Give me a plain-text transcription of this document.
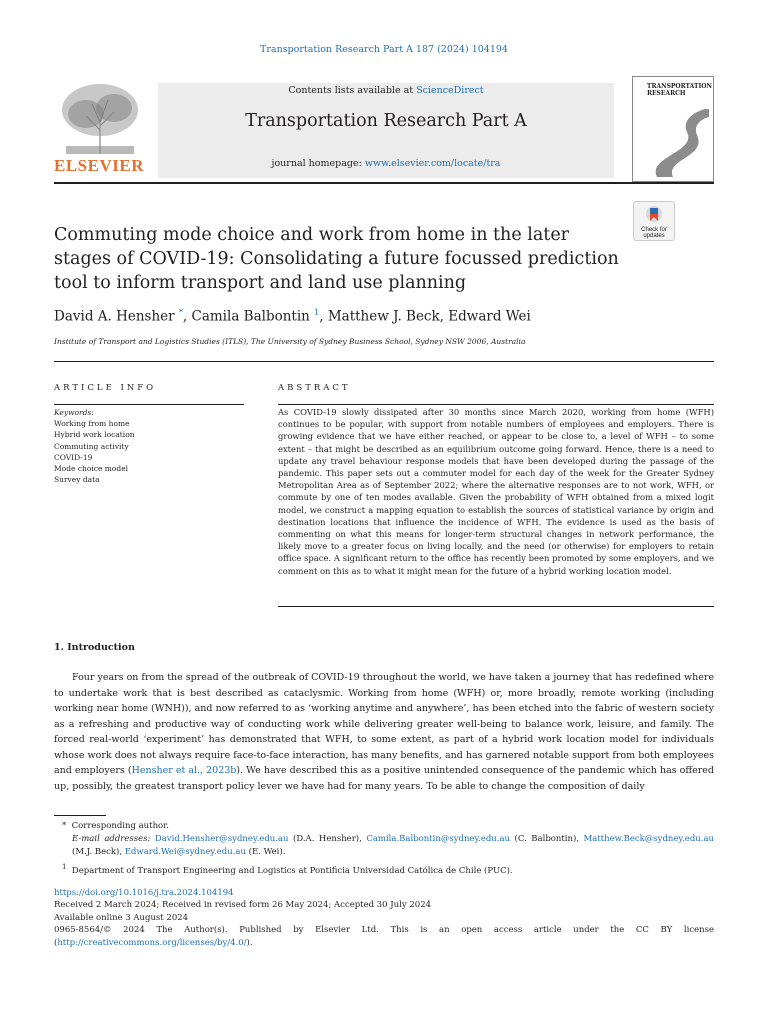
Transportation Research Part A 187 (2024) 104194
ELSEVIER
Contents lists available at ScienceDirect
Transportation Research Part A
journal homepage: www.elsevier.com/locate/tra
TRANSPORTATION RESEARCH
Check for updates
Commuting mode choice and work from home in the later stages of COVID-19: Consolidating a future focussed prediction tool to inform transport and land use planning
David A. Hensher *, Camila Balbontin $^1$, Matthew J. Beck, Edward Wei
Institute of Transport and Logistics Studies (ITLS), The University of Sydney Business School, Sydney NSW 2006, Australia
ARTICLE INFO
Keywords:
Working from home
Hybrid work location
Commuting activity
COVID-19
Mode choice model
Survey data
ABSTRACT
As COVID-19 slowly dissipated after 30 months since March 2020, working from home (WFH) continues to be popular, with support from notable numbers of employees and employers. There is growing evidence that we have either reached, or appear to be close to, a level of WFH – to some extent – that might be described as an equilibrium outcome going forward. Hence, there is a need to update any travel behaviour response models that have been developed during the passage of the pandemic. This paper sets out a commuter model for each day of the week for the Greater Sydney Metropolitan Area as of September 2022; where the alternative responses are to not work, WFH, or commute by one of ten modes available. Given the probability of WFH obtained from a mixed logit model, we construct a mapping equation to establish the sources of statistical variance by origin and destination locations that influence the incidence of WFH. The evidence is used as the basis of commenting on what this means for longer-term structural changes in network performance, the likely move to a greater focus on living locally, and the need (or otherwise) for employers to retain office space. A significant return to the office has recently been promoted by some employers, and we comment on this as to what it might mean for the future of a hybrid working location model.
1. Introduction
Four years on from the spread of the outbreak of COVID-19 throughout the world, we have taken a journey that has redefined where to undertake work that is best described as cataclysmic. Working from home (WFH) or, more broadly, remote working (including working near home (WNH)), and now referred to as ‘working anytime and anywhere’, has been etched into the fabric of western society as a refreshing and productive way of conducting work while delivering greater well-being to balance work, leisure, and family. The forced real-world ‘experiment’ has demonstrated that WFH, to some extent, as part of a hybrid work location model for individuals whose work does not always require face-to-face interaction, has many benefits, and has garnered notable support from both employees and employers (Hensher et al., 2023b). We have described this as a positive unintended consequence of the pandemic which has offered up, possibly, the greatest transport policy lever we have had for many years. To be able to change the composition of daily

* Corresponding author.

E-mail addresses: David.Hensher@sydney.edu.au (D.A. Hensher), Camila.Balbontin@sydney.edu.au (C. Balbontin), Matthew.Beck@sydney.edu.au (M.J. Beck), Edward.Wei@sydney.edu.au (E. Wei).

$^1$ Department of Transport Engineering and Logistics at Pontificia Universidad Católica de Chile (PUC).

https://doi.org/10.1016/j.tra.2024.104194

Received 2 March 2024; Received in revised form 26 May 2024; Accepted 30 July 2024

Available online 3 August 2024

0965-8564/© 2024 The Author(s). Published by Elsevier Ltd. This is an open access article under the CC BY license

(http://creativecommons.org/licenses/by/4.0/).
